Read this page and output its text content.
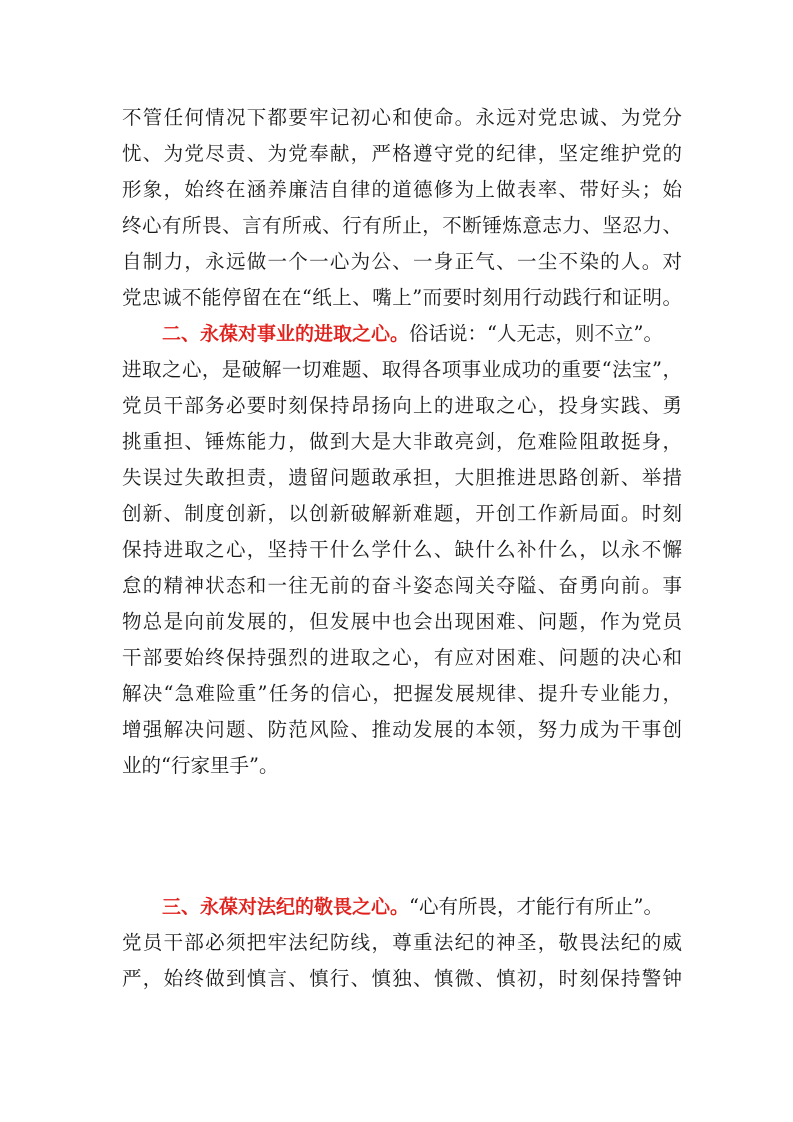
不管任何情况下都要牢记初心和使命。永远对党忠诚、为党分
忧、为党尽责、为党奉献，严格遵守党的纪律，坚定维护党的
形象，始终在涵养廉洁自律的道德修为上做表率、带好头；始
终心有所畏、言有所戒、行有所止，不断锤炼意志力、坚忍力、
自制力，永远做一个一心为公、一身正气、一尘不染的人。对
党忠诚不能停留在在“纸上、嘴上”而要时刻用行动践行和证明。
二、永葆对事业的进取之心。俗话说：“人无志，则不立”。
进取之心，是破解一切难题、取得各项事业成功的重要“法宝”，
党员干部务必要时刻保持昂扬向上的进取之心，投身实践、勇
挑重担、锤炼能力，做到大是大非敢亮剑，危难险阻敢挺身，
失误过失敢担责，遗留问题敢承担，大胆推进思路创新、举措
创新、制度创新，以创新破解新难题，开创工作新局面。时刻
保持进取之心，坚持干什么学什么、缺什么补什么，以永不懈
怠的精神状态和一往无前的奋斗姿态闯关夺隘、奋勇向前。事
物总是向前发展的，但发展中也会出现困难、问题，作为党员
干部要始终保持强烈的进取之心，有应对困难、问题的决心和
解决“急难险重”任务的信心，把握发展规律、提升专业能力，
增强解决问题、防范风险、推动发展的本领，努力成为干事创
业的“行家里手”。
三、永葆对法纪的敬畏之心。“心有所畏，才能行有所止”。
党员干部必须把牢法纪防线，尊重法纪的神圣，敬畏法纪的威
严，始终做到慎言、慎行、慎独、慎微、慎初，时刻保持警钟
